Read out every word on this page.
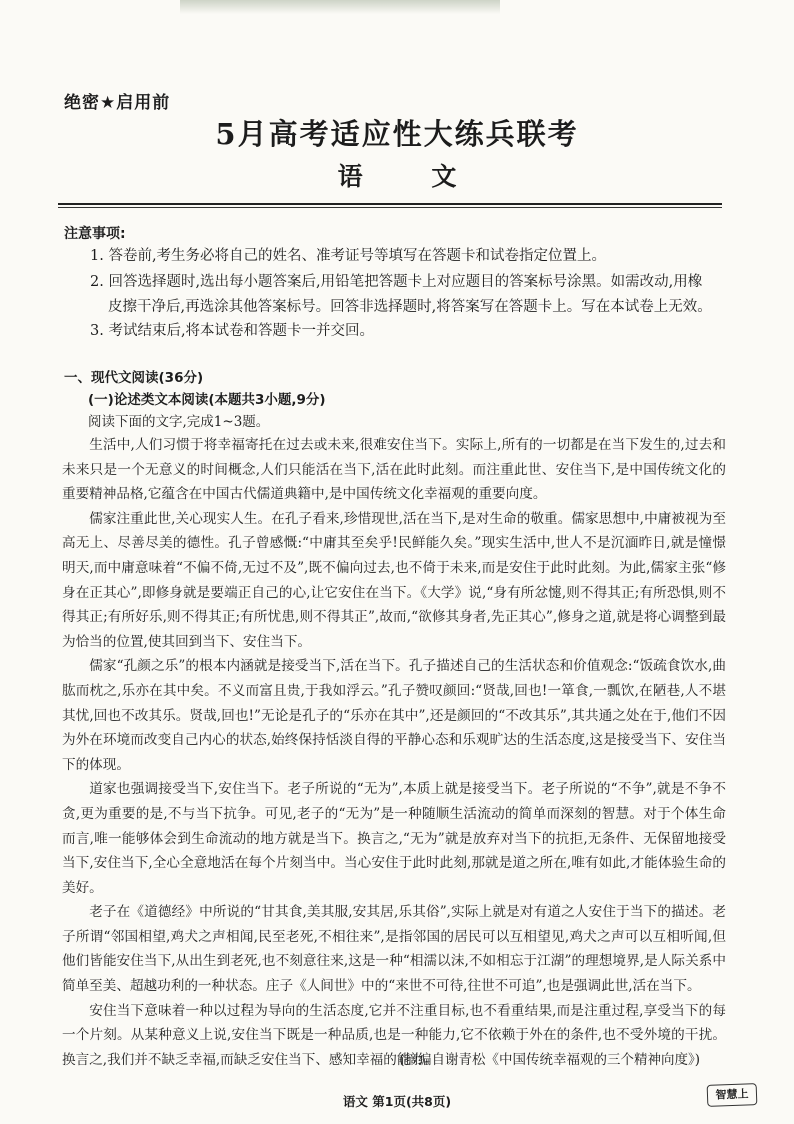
绝密★启用前
5月高考适应性大练兵联考
语 文
注意事项:
1. 答卷前,考生务必将自己的姓名、准考证号等填写在答题卡和试卷指定位置上。
2. 回答选择题时,选出每小题答案后,用铅笔把答题卡上对应题目的答案标号涂黑。如需改动,用橡
皮擦干净后,再选涂其他答案标号。回答非选择题时,将答案写在答题卡上。写在本试卷上无效。
3. 考试结束后,将本试卷和答题卡一并交回。
一、现代文阅读(36分)
(一)论述类文本阅读(本题共3小题,9分)
阅读下面的文字,完成1~3题。

生活中,人们习惯于将幸福寄托在过去或未来,很难安住当下。实际上,所有的一切都是在当下发生的,过去和未来只是一个无意义的时间概念,人们只能活在当下,活在此时此刻。而注重此世、安住当下,是中国传统文化的重要精神品格,它蕴含在中国古代儒道典籍中,是中国传统文化幸福观的重要向度。

儒家注重此世,关心现实人生。在孔子看来,珍惜现世,活在当下,是对生命的敬重。儒家思想中,中庸被视为至高无上、尽善尽美的德性。孔子曾感慨:“中庸其至矣乎!民鲜能久矣。”现实生活中,世人不是沉湎昨日,就是憧憬明天,而中庸意味着“不偏不倚,无过不及”,既不偏向过去,也不倚于未来,而是安住于此时此刻。为此,儒家主张“修身在正其心”,即修身就是要端正自己的心,让它安住在当下。《大学》说,“身有所忿懥,则不得其正;有所恐惧,则不得其正;有所好乐,则不得其正;有所忧患,则不得其正”,故而,“欲修其身者,先正其心”,修身之道,就是将心调整到最为恰当的位置,使其回到当下、安住当下。

儒家“孔颜之乐”的根本内涵就是接受当下,活在当下。孔子描述自己的生活状态和价值观念:“饭疏食饮水,曲肱而枕之,乐亦在其中矣。不义而富且贵,于我如浮云。”孔子赞叹颜回:“贤哉,回也!一箪食,一瓢饮,在陋巷,人不堪其忧,回也不改其乐。贤哉,回也!”无论是孔子的“乐亦在其中”,还是颜回的“不改其乐”,其共通之处在于,他们不因为外在环境而改变自己内心的状态,始终保持恬淡自得的平静心态和乐观旷达的生活态度,这是接受当下、安住当下的体现。

道家也强调接受当下,安住当下。老子所说的“无为”,本质上就是接受当下。老子所说的“不争”,就是不争不贪,更为重要的是,不与当下抗争。可见,老子的“无为”是一种随顺生活流动的简单而深刻的智慧。对于个体生命而言,唯一能够体会到生命流动的地方就是当下。换言之,“无为”就是放弃对当下的抗拒,无条件、无保留地接受当下,安住当下,全心全意地活在每个片刻当中。当心安住于此时此刻,那就是道之所在,唯有如此,才能体验生命的美好。

老子在《道德经》中所说的“甘其食,美其服,安其居,乐其俗”,实际上就是对有道之人安住于当下的描述。老子所谓“邻国相望,鸡犬之声相闻,民至老死,不相往来”,是指邻国的居民可以互相望见,鸡犬之声可以互相听闻,但他们皆能安住当下,从出生到老死,也不刻意往来,这是一种“相濡以沫,不如相忘于江湖”的理想境界,是人际关系中简单至美、超越功利的一种状态。庄子《人间世》中的“来世不可待,往世不可追”,也是强调此世,活在当下。

安住当下意味着一种以过程为导向的生活态度,它并不注重目标,也不看重结果,而是注重过程,享受当下的每一个片刻。从某种意义上说,安住当下既是一种品质,也是一种能力,它不依赖于外在的条件,也不受外境的干扰。换言之,我们并不缺乏幸福,而缺乏安住当下、感知幸福的能力。

(摘编自谢青松《中国传统幸福观的三个精神向度》)
语文 第1页(共8页)	智慧上
